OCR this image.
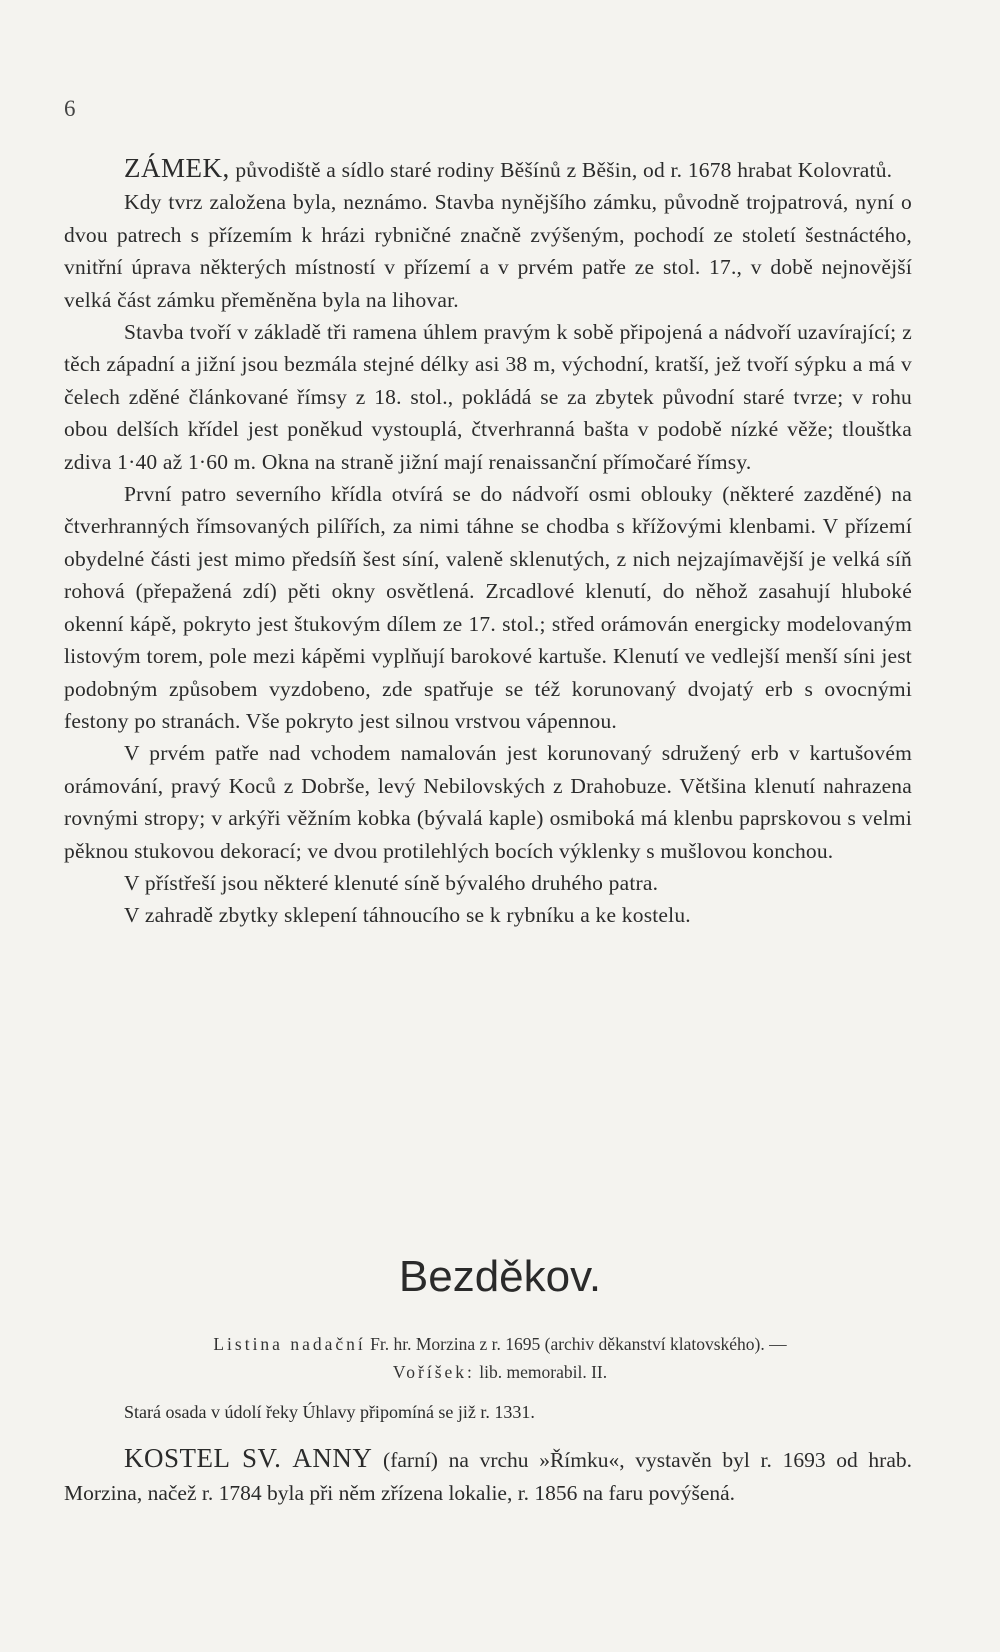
6

ZÁMEK, původiště a sídlo staré rodiny Běšínů z Běšin, od r. 1678 hrabat Kolovratů.

Kdy tvrz založena byla, neznámo. Stavba nynějšího zámku, původně trojpatrová, nyní o dvou patrech s přízemím k hrázi rybničné značně zvýšeným, pochodí ze století šestnáctého, vnitřní úprava některých místností v přízemí a v prvém patře ze stol. 17., v době nejnovější velká část zámku přeměněna byla na lihovar.

Stavba tvoří v základě tři ramena úhlem pravým k sobě připojená a nádvoří uzavírající; z těch západní a jižní jsou bezmála stejné délky asi 38 m, východní, kratší, jež tvoří sýpku a má v čelech zděné článkované římsy z 18. stol., pokládá se za zbytek původní staré tvrze; v rohu obou delších křídel jest poněkud vystouplá, čtverhranná bašta v podobě nízké věže; tlouštka zdiva 1·40 až 1·60 m. Okna na straně jižní mají renaissanční přímočaré římsy.

První patro severního křídla otvírá se do nádvoří osmi oblouky (některé zazděné) na čtverhranných římsovaných pilířích, za nimi táhne se chodba s křížovými klenbami. V přízemí obydelné části jest mimo předsíň šest síní, valeně sklenutých, z nich nejzajímavější je velká síň rohová (přepažená zdí) pěti okny osvětlená. Zrcadlové klenutí, do něhož zasahují hluboké okenní kápě, pokryto jest štukovým dílem ze 17. stol.; střed orámován energicky modelovaným listovým torem, pole mezi kápěmi vyplňují barokové kartuše. Klenutí ve vedlejší menší síni jest podobným způsobem vyzdobeno, zde spatřuje se též korunovaný dvojatý erb s ovocnými festony po stranách. Vše pokryto jest silnou vrstvou vápennou.

V prvém patře nad vchodem namalován jest korunovaný sdružený erb v kartušovém orámování, pravý Koců z Dobrše, levý Nebilovských z Drahobuze. Většina klenutí nahrazena rovnými stropy; v arkýři věžním kobka (bývalá kaple) osmiboká má klenbu paprskovou s velmi pěknou stukovou dekorací; ve dvou protilehlých bocích výklenky s mušlovou konchou.

V přístřeší jsou některé klenuté síně bývalého druhého patra.

V zahradě zbytky sklepení táhnoucího se k rybníku a ke kostelu.

Bezděkov.
Listina nadační Fr. hr. Morzina z r. 1695 (archiv děkanství klatovského). —
Voříšek: lib. memorabil. II.

Stará osada v údolí řeky Úhlavy připomíná se již r. 1331.

KOSTEL SV. ANNY (farní) na vrchu »Římku«, vystavěn byl r. 1693 od hrab. Morzina, načež r. 1784 byla při něm zřízena lokalie, r. 1856 na faru povýšená.
